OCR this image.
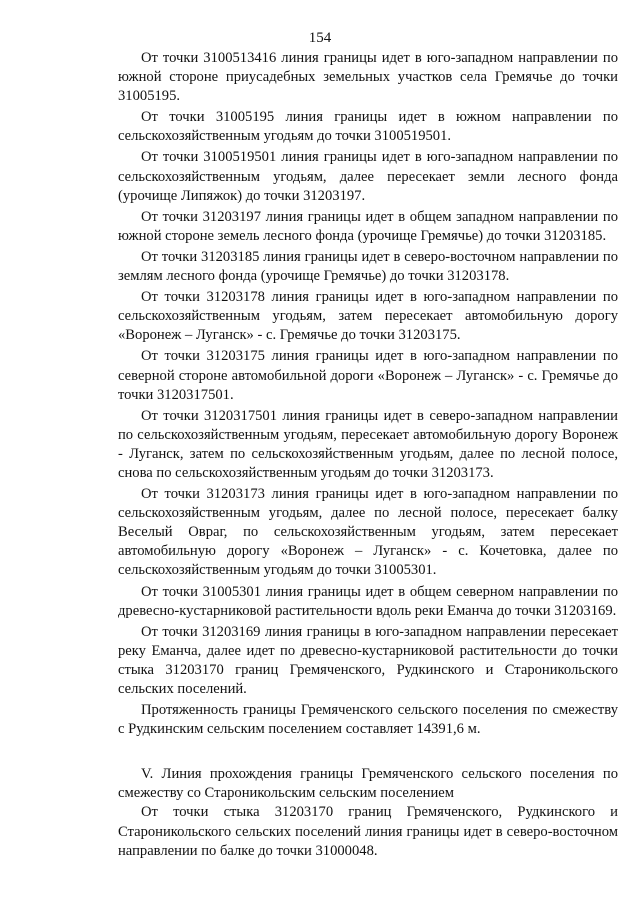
154

От точки 3100513416 линия границы идет в юго-западном направлении по южной стороне приусадебных земельных участков села Гремячье до точки 31005195.

От точки 31005195 линия границы идет в южном направлении по сельскохозяйственным угодьям до точки 3100519501.

От точки 3100519501 линия границы идет в юго-западном направлении по сельскохозяйственным угодьям, далее пересекает земли лесного фонда (урочище Липяжок) до точки 31203197.

От точки 31203197 линия границы идет в общем западном направлении по южной стороне земель лесного фонда (урочище Гремячье) до точки 31203185.

От точки 31203185 линия границы идет в северо-восточном направлении по землям лесного фонда (урочище Гремячье) до точки 31203178.

От точки 31203178 линия границы идет в юго-западном направлении по сельскохозяйственным угодьям, затем пересекает автомобильную дорогу «Воронеж – Луганск» - с. Гремячье до точки 31203175.

От точки 31203175 линия границы идет в юго-западном направлении по северной стороне автомобильной дороги «Воронеж – Луганск» - с. Гремячье до точки 3120317501.

От точки 3120317501 линия границы идет в северо-западном направлении по сельскохозяйственным угодьям, пересекает автомобильную дорогу Воронеж - Луганск, затем по сельскохозяйственным угодьям, далее по лесной полосе, снова по сельскохозяйственным угодьям до точки 31203173.

От точки 31203173 линия границы идет в юго-западном направлении по сельскохозяйственным угодьям, далее по лесной полосе, пересекает балку Веселый Овраг, по сельскохозяйственным угодьям, затем пересекает автомобильную дорогу «Воронеж – Луганск» - с. Кочетовка, далее по сельскохозяйственным угодьям до точки 31005301.

От точки 31005301 линия границы идет в общем северном направлении по древесно-кустарниковой растительности вдоль реки Еманча до точки 31203169.

От точки 31203169 линия границы в юго-западном направлении пересекает реку Еманча, далее идет по древесно-кустарниковой растительности до точки стыка 31203170 границ Гремяченского, Рудкинского и Староникольского сельских поселений.

Протяженность границы Гремяченского сельского поселения по смежеству с Рудкинским сельским поселением составляет 14391,6 м.

V. Линия прохождения границы Гремяченского сельского поселения по смежеству со Староникольским сельским поселением

От точки стыка 31203170 границ Гремяченского, Рудкинского и Староникольского сельских поселений линия границы идет в северо-восточном направлении по балке до точки 31000048.
